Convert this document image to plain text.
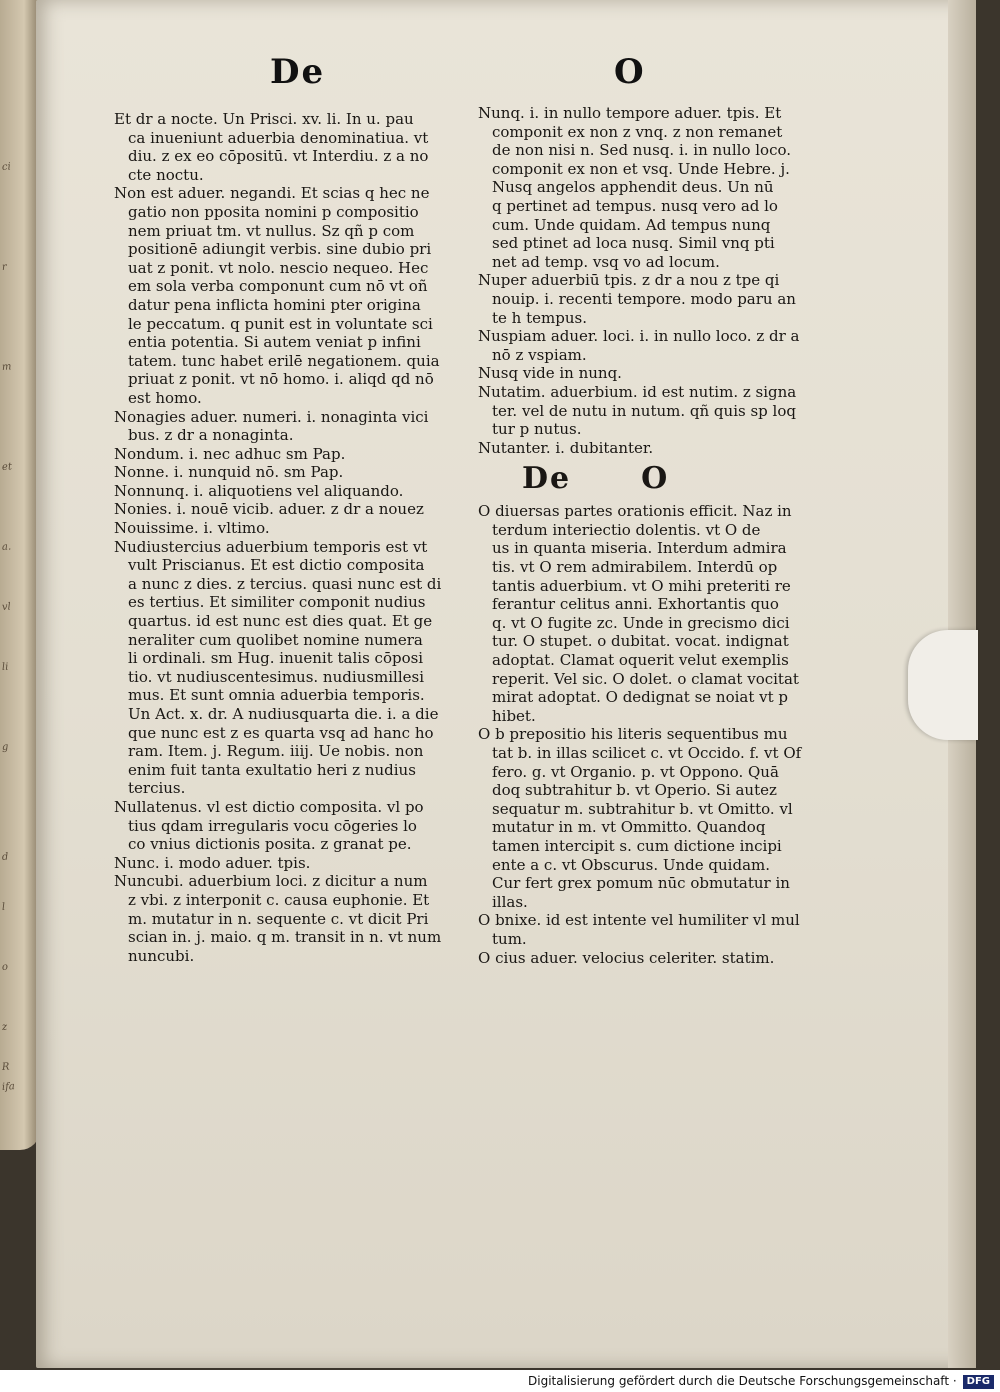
ci
r
m
et
a.
vl
li
g
d
l
o
z
R
ifa
De	O

Et dr a nocte. Un Prisci. xv. li. In u. pau
ca inueniunt aduerbia denominatiua. vt
diu. z ex eo cōpositū. vt Interdiu. z a no
cte noctu.

Non est aduer. negandi. Et scias q hec ne
gatio non pposita nomini p compositio
nem priuat tm. vt nullus. Sz qñ p com
positionē adiungit verbis. sine dubio pri
uat z ponit. vt nolo. nescio nequeo. Hec
em sola verba componunt cum nō vt oñ
datur pena inflicta homini pter origina
le peccatum. q punit est in voluntate sci
entia potentia. Si autem veniat p infini
tatem. tunc habet erilē negationem. quia
priuat z ponit. vt nō homo. i. aliqd qd nō
est homo.

Nonagies aduer. numeri. i. nonaginta vici
bus. z dr a nonaginta.

Nondum. i. nec adhuc sm Pap.

Nonne. i. nunquid nō. sm Pap.

Nonnunq. i. aliquotiens vel aliquando.

Nonies. i. nouē vicib. aduer. z dr a nouez

Nouissime. i. vltimo.

Nudiustercius aduerbium temporis est vt
vult Priscianus. Et est dictio composita
a nunc z dies. z tercius. quasi nunc est di
es tertius. Et similiter componit nudius
quartus. id est nunc est dies quat. Et ge
neraliter cum quolibet nomine numera
li ordinali. sm Hug. inuenit talis cōposi
tio. vt nudiuscentesimus. nudiusmillesi
mus. Et sunt omnia aduerbia temporis.
Un Act. x. dr. A nudiusquarta die. i. a die
que nunc est z es quarta vsq ad hanc ho
ram. Item. j. Regum. iiij. Ue nobis. non
enim fuit tanta exultatio heri z nudius
tercius.

Nullatenus. vl est dictio composita. vl po
tius qdam irregularis vocu cōgeries lo
co vnius dictionis posita. z granat pe.

Nunc. i. modo aduer. tpis.

Nuncubi. aduerbium loci. z dicitur a num
z vbi. z interponit c. causa euphonie. Et
m. mutatur in n. sequente c. vt dicit Pri
scian in. j. maio. q m. transit in n. vt num
nuncubi.

Nunq. i. in nullo tempore aduer. tpis. Et
componit ex non z vnq. z non remanet
de non nisi n. Sed nusq. i. in nullo loco.
componit ex non et vsq. Unde Hebre. j.
Nusq angelos apphendit deus. Un nū
q pertinet ad tempus. nusq vero ad lo
cum. Unde quidam. Ad tempus nunq
sed ptinet ad loca nusq. Simil vnq pti
net ad temp. vsq vo ad locum.

Nuper aduerbiū tpis. z dr a nou z tpe qi
nouip. i. recenti tempore. modo paru an
te h tempus.

Nuspiam aduer. loci. i. in nullo loco. z dr a
nō z vspiam.

Nusq vide in nunq.

Nutatim. aduerbium. id est nutim. z signa
ter. vel de nutu in nutum. qñ quis sp loq
tur p nutus.

Nutanter. i. dubitanter.

De O

O diuersas partes orationis efficit. Naz in
terdum interiectio dolentis. vt O de
us in quanta miseria. Interdum admira
tis. vt O rem admirabilem. Interdū op
tantis aduerbium. vt O mihi preteriti re
ferantur celitus anni. Exhortantis quo
q. vt O fugite zc. Unde in grecismo dici
tur. O stupet. o dubitat. vocat. indignat
adoptat. Clamat oquerit velut exemplis
reperit. Vel sic. O dolet. o clamat vocitat
mirat adoptat. O dedignat se noiat vt p
hibet.

O b prepositio his literis sequentibus mu
tat b. in illas scilicet c. vt Occido. f. vt Of
fero. g. vt Organio. p. vt Oppono. Quā
doq subtrahitur b. vt Operio. Si autez
sequatur m. subtrahitur b. vt Omitto. vl
mutatur in m. vt Ommitto. Quandoq
tamen intercipit s. cum dictione incipi
ente a c. vt Obscurus. Unde quidam.
Cur fert grex pomum nūc obmutatur in
illas.

O bnixe. id est intente vel humiliter vl mul
tum.

O cius aduer. velocius celeriter. statim.

Digitalisierung gefördert durch die Deutsche Forschungsgemeinschaft · DFG
